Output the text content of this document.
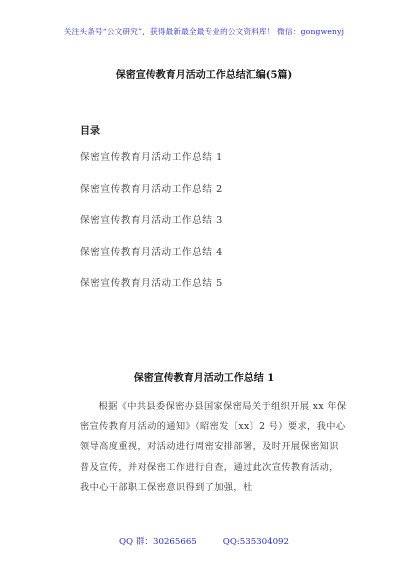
关注头条号“公文研究”，获得最新最全最专业的公文资料库！ 微信：gongwenyj
保密宣传教育月活动工作总结汇编(5篇)
目录
保密宣传教育月活动工作总结 1
保密宣传教育月活动工作总结 2
保密宣传教育月活动工作总结 3
保密宣传教育月活动工作总结 4
保密宣传教育月活动工作总结 5
保密宣传教育月活动工作总结 1

根据《中共县委保密办县国家保密局关于组织开展 xx 年保密宣传教育月活动的通知》（昭密发〔xx〕2 号）要求，我中心领导高度重视，对活动进行周密安排部署，及时开展保密知识普及宣传，并对保密工作进行自查，通过此次宣传教育活动，我中心干部职工保密意识得到了加强，杜

QQ 群：30265665	QQ:535304092
